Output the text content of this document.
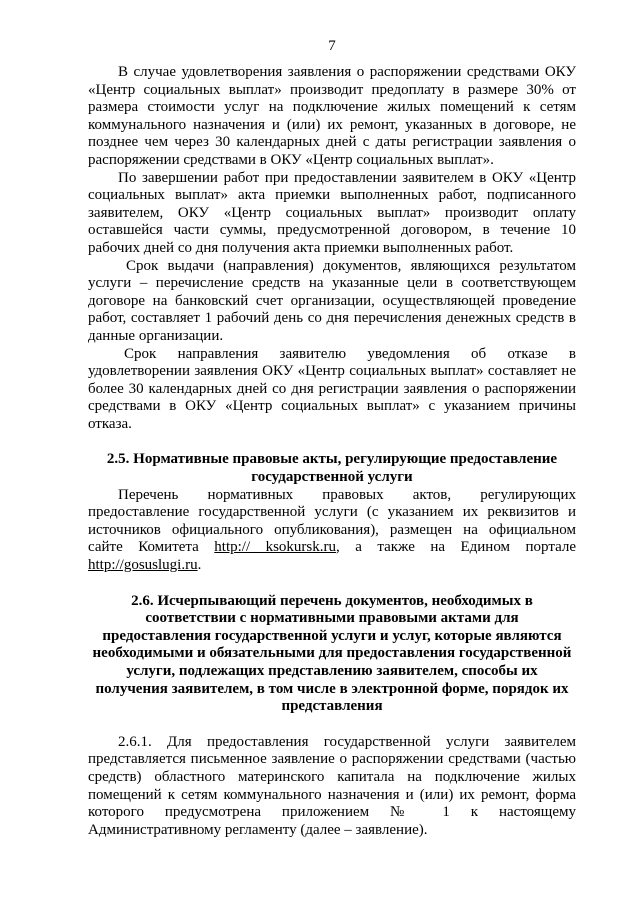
7

В случае удовлетворения заявления о распоряжении средствами ОКУ «Центр социальных выплат» производит предоплату в размере 30% от размера стоимости услуг на подключение жилых помещений к сетям коммунального назначения и (или) их ремонт, указанных в договоре, не позднее чем через 30 календарных дней с даты регистрации заявления о распоряжении средствами в ОКУ «Центр социальных выплат».

По завершении работ при предоставлении заявителем в ОКУ «Центр социальных выплат» акта приемки выполненных работ, подписанного заявителем, ОКУ «Центр социальных выплат» производит оплату оставшейся части суммы, предусмотренной договором, в течение 10 рабочих дней со дня получения акта приемки выполненных работ.

Срок выдачи (направления) документов, являющихся результатом услуги – перечисление средств на указанные цели в соответствующем договоре на банковский счет организации, осуществляющей проведение работ, составляет 1 рабочий день со дня перечисления денежных средств в данные организации.

Срок направления заявителю уведомления об отказе в удовлетворении заявления ОКУ «Центр социальных выплат» составляет не более 30 календарных дней со дня регистрации заявления о распоряжении средствами в ОКУ «Центр социальных выплат» с указанием причины отказа.

2.5. Нормативные правовые акты, регулирующие предоставление государственной услуги

Перечень нормативных правовых актов, регулирующих предоставление государственной услуги (с указанием их реквизитов и источников официального опубликования), размещен на официальном сайте Комитета http:// ksokursk.ru, а также на Едином портале http://gosuslugi.ru.

2.6. Исчерпывающий перечень документов, необходимых в соответствии с нормативными правовыми актами для предоставления государственной услуги и услуг, которые являются необходимыми и обязательными для предоставления государственной услуги, подлежащих представлению заявителем, способы их получения заявителем, в том числе в электронной форме, порядок их представления

2.6.1. Для предоставления государственной услуги заявителем представляется письменное заявление о распоряжении средствами (частью средств) областного материнского капитала на подключение жилых помещений к сетям коммунального назначения и (или) их ремонт, форма которого предусмотрена приложением № 1 к настоящему Административному регламенту (далее – заявление).
